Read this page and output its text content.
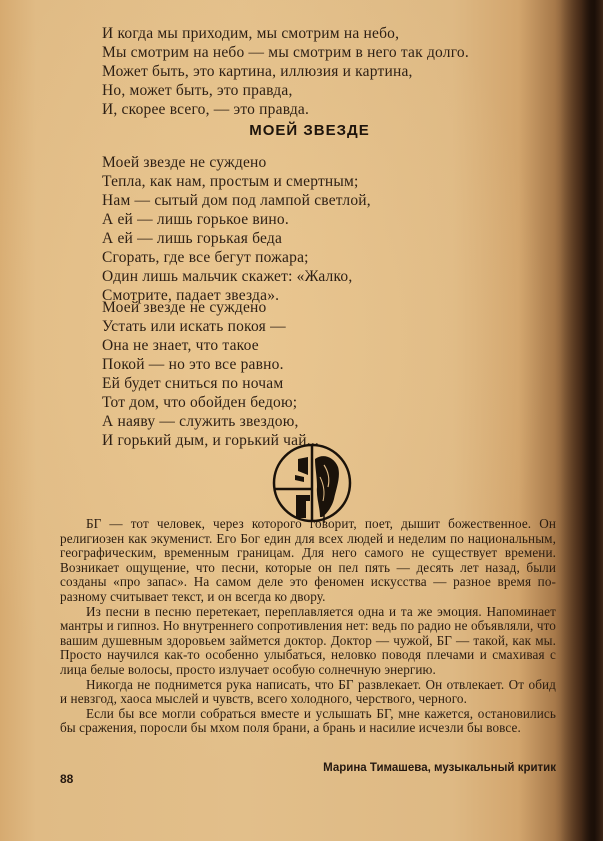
И когда мы приходим, мы смотрим на небо,
Мы смотрим на небо — мы смотрим в него так долго.
Может быть, это картина, иллюзия и картина,
Но, может быть, это правда,
И, скорее всего, — это правда.
МОЕЙ ЗВЕЗДЕ
Моей звезде не суждено
Тепла, как нам, простым и смертным;
Нам — сытый дом под лампой светлой,
А ей — лишь горькое вино.
А ей — лишь горькая беда
Сгорать, где все бегут пожара;
Один лишь мальчик скажет: «Жалко,
Смотрите, падает звезда».
Моей звезде не суждено
Устать или искать покоя —
Она не знает, что такое
Покой — но это все равно.
Ей будет сниться по ночам
Тот дом, что обойден бедою;
А наяву — служить звездою,
И горький дым, и горький чай...

БГ — тот человек, через которого говорит, поет, дышит божественное. Он религиозен как экуменист. Его Бог един для всех людей и неделим по национальным, географическим, временным границам. Для него самого не существует времени. Возникает ощущение, что песни, которые он пел пять — десять лет назад, были созданы «про запас». На самом деле это феномен искусства — разное время по-разному считывает текст, и он всегда ко двору.

Из песни в песню перетекает, переплавляется одна и та же эмоция. Напоминает мантры и гипноз. Но внутреннего сопротивления нет: ведь по радио не объявляли, что вашим душевным здоровьем займется доктор. Доктор — чужой, БГ — такой, как мы. Просто научился как-то особенно улыбаться, неловко поводя плечами и смахивая с лица белые волосы, просто излучает особую солнечную энергию.

Никогда не поднимется рука написать, что БГ развлекает. Он отвлекает. От обид и невзгод, хаоса мыслей и чувств, всего холодного, черствого, черного.

Если бы все могли собраться вместе и услышать БГ, мне кажется, остановились бы сражения, поросли бы мхом поля брани, а брань и насилие исчезли бы вовсе.

Марина Тимашева, музыкальный критик
88
